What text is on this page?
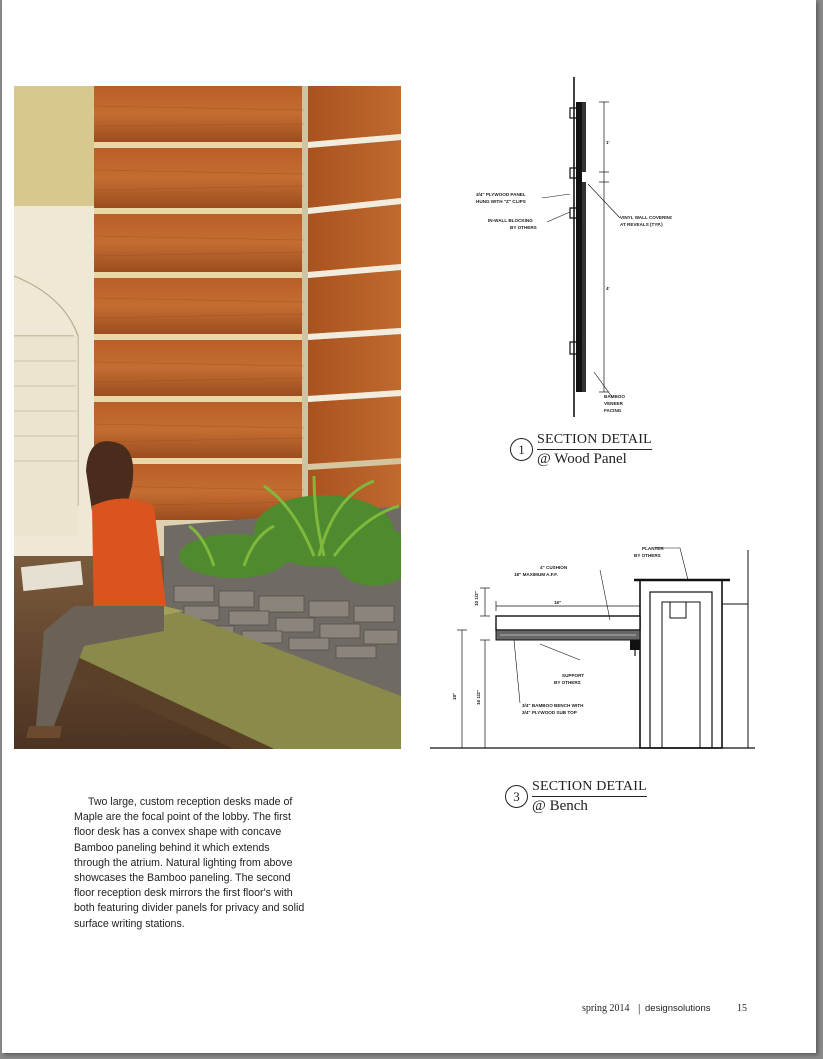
1'
4'
3/4" PLYWOOD PANEL
HUNG WITH "Z" CLIPS
IN-WALL BLOCKING
BY OTHERS
VINYL WALL COVERING
AT REVEALS (TYP.)
BAMBOO
VENEER
FACING
1
SECTION DETAIL
@ Wood Panel
10 1/2"
18"	16 1/2"
16"
4" CUSHION
18" MAXIMUM A.F.F.
PLANTER
BY OTHERS
SUPPORT
BY OTHERS
3/4" BAMBOO BENCH WITH
3/4" PLYWOOD SUB TOP
3
SECTION DETAIL
@ Bench

Two large, custom reception desks made of Maple are the focal point of the lobby. The first floor desk has a convex shape with concave Bamboo paneling behind it which extends through the atrium. Natural lighting from above showcases the Bamboo paneling. The second floor reception desk mirrors the first floor's with both featuring divider panels for privacy and solid surface writing stations.

spring 2014 | designsolutions	15
